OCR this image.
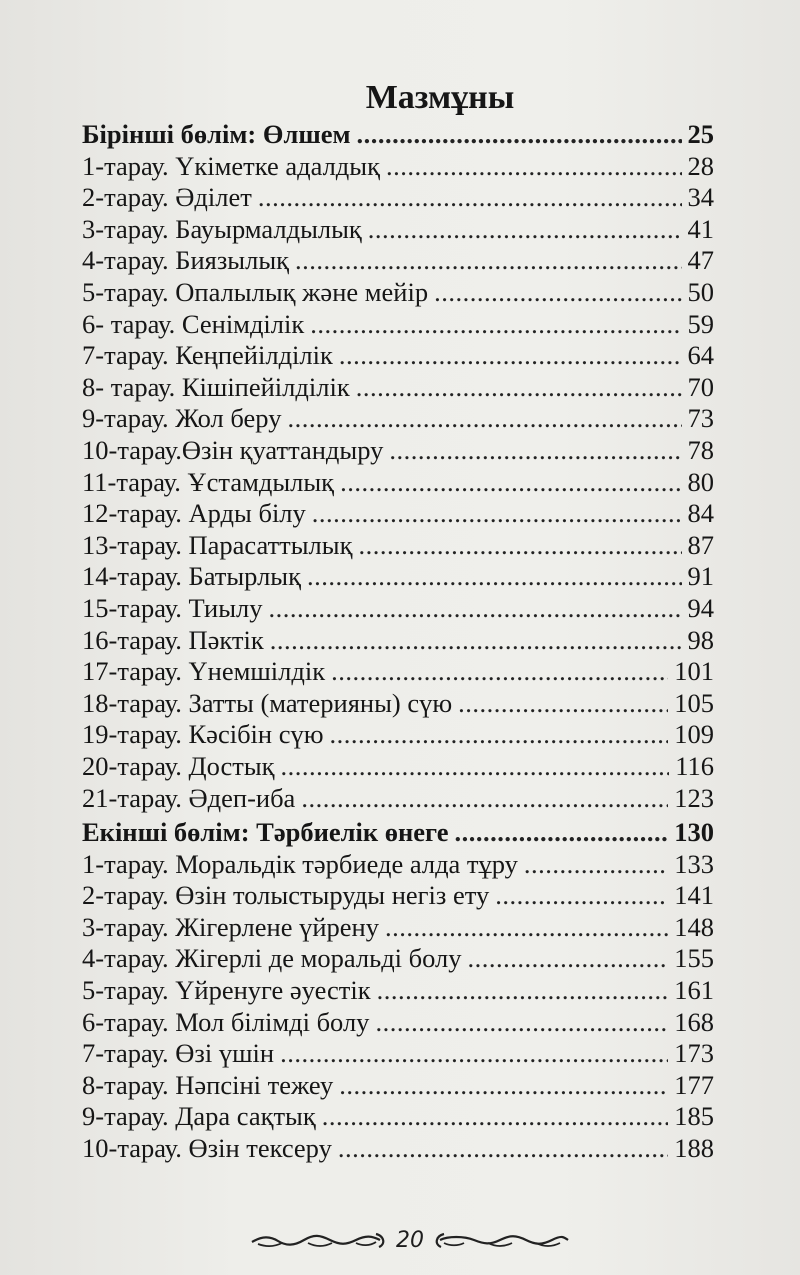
Мазмұны
Бірінші бөлім: Өлшем .....	25
1-тарау. Үкіметке адалдық .....	28
2-тарау. Әділет .....	34
3-тарау. Бауырмалдылық .....	41
4-тарау. Биязылық .....	47
5-тарау. Опалылық және мейір .....	50
6- тарау. Сенімділік .....	59
7-тарау. Кеңпейілділік .....	64
8- тарау. Кішіпейілділік .....	70
9-тарау. Жол беру .....	73
10-тарау.Өзін қуаттандыру .....	78
11-тарау. Ұстамдылық .....	80
12-тарау. Арды білу .....	84
13-тарау. Парасаттылық .....	87
14-тарау. Батырлық .....	91
15-тарау. Тиылу .....	94
16-тарау. Пәктік .....	98
17-тарау. Үнемшілдік .....	101
18-тарау. Затты (материяны) сүю .....	105
19-тарау. Кәсібін сүю .....	109
20-тарау. Достық .....	116
21-тарау. Әдеп-иба .....	123
Екінші бөлім: Тәрбиелік өнеге .....	130
1-тарау. Моральдік тәрбиеде алда тұру .....	133
2-тарау. Өзін толыстыруды негіз ету .....	141
3-тарау. Жігерлене үйрену .....	148
4-тарау. Жігерлі де моральді болу .....	155
5-тарау. Үйренуге әуестік .....	161
6-тарау. Мол білімді болу .....	168
7-тарау. Өзі үшін .....	173
8-тарау. Нәпсіні тежеу .....	177
9-тарау. Дара сақтық .....	185
10-тарау. Өзін тексеру .....	188
20
